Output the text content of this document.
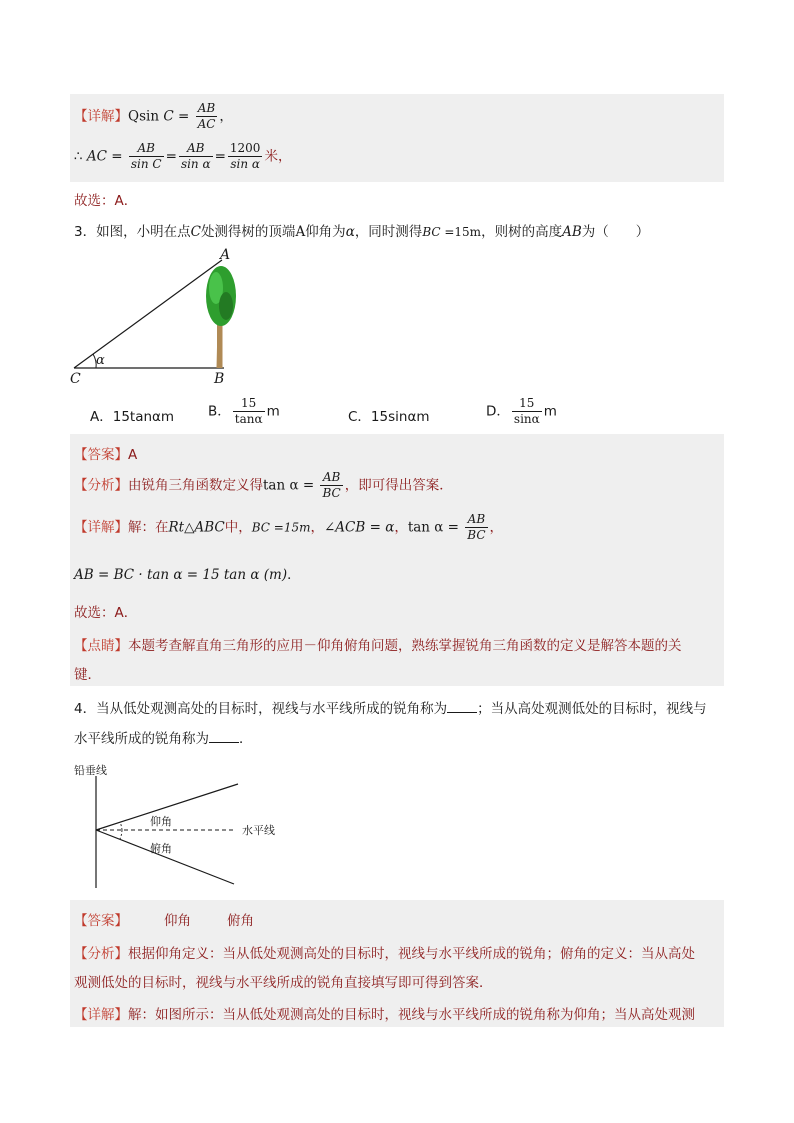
【详解】Qsin $C = \frac{AB}{AC}$ ，
∴ AC = $\frac{AB}{\text{sin C}} = \frac{AB}{\text{sin α}} = \frac{1200}{\text{sin α}}$ 米，
故选：A．
3．如图，小明在点C处测得树的顶端A仰角为α，同时测得BC =15m，则树的高度AB为（　　）
A
B
C
α
A．15tanαm	B． $\frac{15}{\tan\alpha}$ m	C．15sinαm	D． $\frac{15}{\sin\alpha}$ m
【答案】A
【分析】由锐角三角函数定义得$\tan \alpha = \frac{AB}{BC}$ ，即可得出答案．
【详解】解：在Rt△ABC中，BC =15m，∠ACB = α，$\tan \alpha = \frac{AB}{BC}$ ，
AB = BC · tan α = 15 tan α (m)．
故选：A．
【点睛】本题考查解直角三角形的应用－仰角俯角问题，熟练掌握锐角三角函数的定义是解答本题的关
键．
4．当从低处观测高处的目标时，视线与水平线所成的锐角称为 ；当从高处观测低处的目标时，视线与
水平线所成的锐角称为 ．
铅垂线
仰角
俯角
水平线
【答案】	仰角	俯角
【分析】根据仰角定义：当从低处观测高处的目标时，视线与水平线所成的锐角；俯角的定义：当从高处
观测低处的目标时，视线与水平线所成的锐角直接填写即可得到答案．
【详解】解：如图所示：当从低处观测高处的目标时，视线与水平线所成的锐角称为仰角；当从高处观测
